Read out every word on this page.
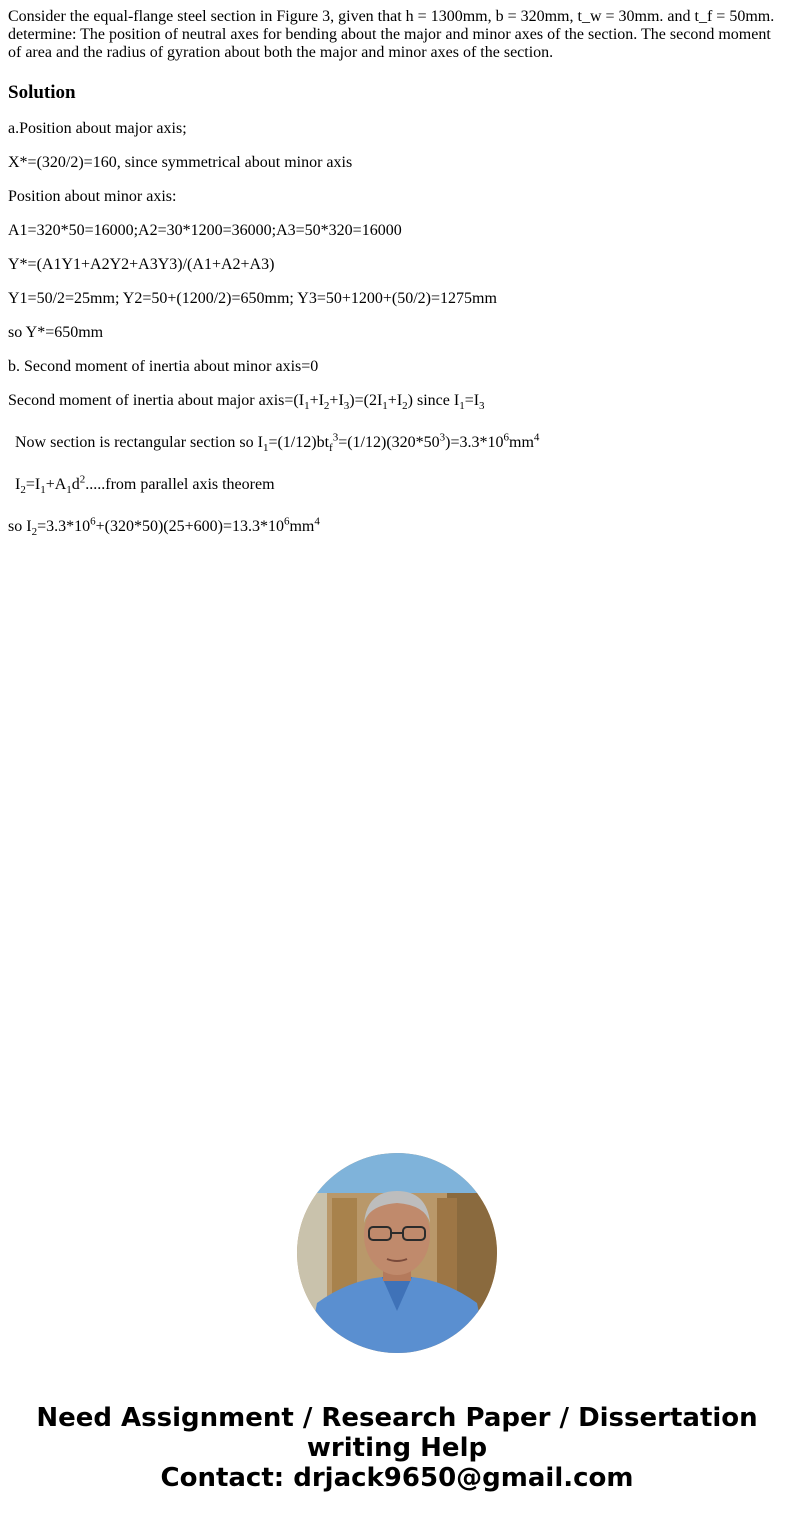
Consider the equal-flange steel section in Figure 3, given that h = 1300mm, b = 320mm, t_w = 30mm. and t_f = 50mm. determine: The position of neutral axes for bending about the major and minor axes of the section. The second moment of area and the radius of gyration about both the major and minor axes of the section.
Solution

a.Position about major axis;

X*=(320/2)=160, since symmetrical about minor axis

Position about minor axis:

A1=320*50=16000;A2=30*1200=36000;A3=50*320=16000

Y*=(A1Y1+A2Y2+A3Y3)/(A1+A2+A3)

Y1=50/2=25mm; Y2=50+(1200/2)=650mm; Y3=50+1200+(50/2)=1275mm

so Y*=650mm

b. Second moment of inertia about minor axis=0

Second moment of inertia about major $axis=(I_1+I_2+I_3)=(2I_1+I_2)$ since $I_1=I_3$

Now section is rectangular section so $I_1=(1/12)bt_f^3=(1/12)(320*50^3)=3.3*10^6mm^4$

$I_2=I_1+A_1d^2.....from$ parallel axis theorem

so $I_2=3.3*10^6+(320*50)(25+600)=13.3*10^6mm^4$

Need Assignment / Research Paper / Dissertation
writing Help
Contact: drjack9650@gmail.com
